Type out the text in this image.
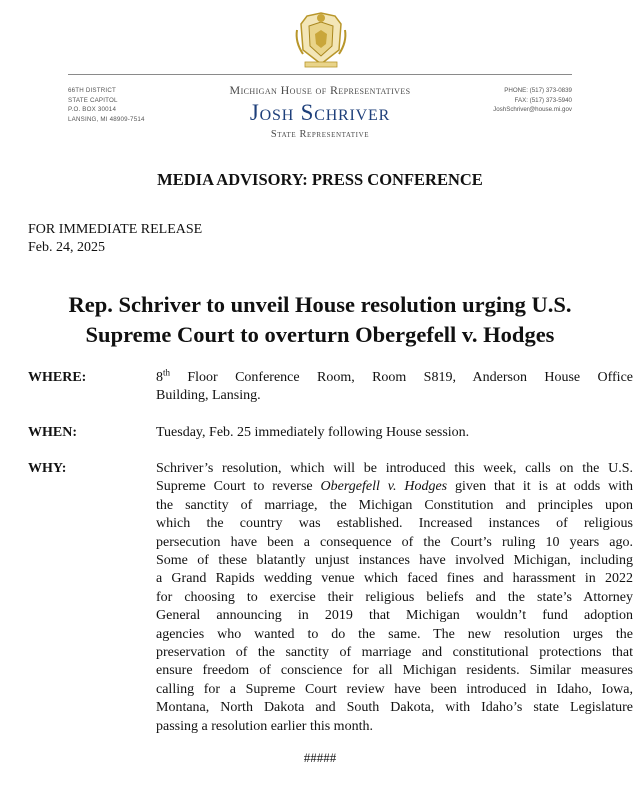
66TH DISTRICT
STATE CAPITOL
P.O. BOX 30014
LANSING, MI 48909-7514
Michigan House of Representatives
Josh Schriver
State Representative
PHONE: (517) 373-0839
FAX: (517) 373-5940
JoshSchriver@house.mi.gov
MEDIA ADVISORY: PRESS CONFERENCE
FOR IMMEDIATE RELEASE
Feb. 24, 2025
Rep. Schriver to unveil House resolution urging U.S.
Supreme Court to overturn Obergefell v. Hodges
WHERE:	8th Floor Conference Room, Room S819, Anderson House Office
Building, Lansing.
WHEN:	Tuesday, Feb. 25 immediately following House session.
WHY:	Schriver’s resolution, which will be introduced this week, calls on the U.S.
Supreme Court to reverse Obergefell v. Hodges given that it is at odds with
the sanctity of marriage, the Michigan Constitution and principles upon
which the country was established. Increased instances of religious
persecution have been a consequence of the Court’s ruling 10 years ago.
Some of these blatantly unjust instances have involved Michigan, including
a Grand Rapids wedding venue which faced fines and harassment in 2022
for choosing to exercise their religious beliefs and the state’s Attorney
General announcing in 2019 that Michigan wouldn’t fund adoption
agencies who wanted to do the same. The new resolution urges the
preservation of the sanctity of marriage and constitutional protections that
ensure freedom of conscience for all Michigan residents. Similar measures
calling for a Supreme Court review have been introduced in Idaho, Iowa,
Montana, North Dakota and South Dakota, with Idaho’s state Legislature
passing a resolution earlier this month.
#####
